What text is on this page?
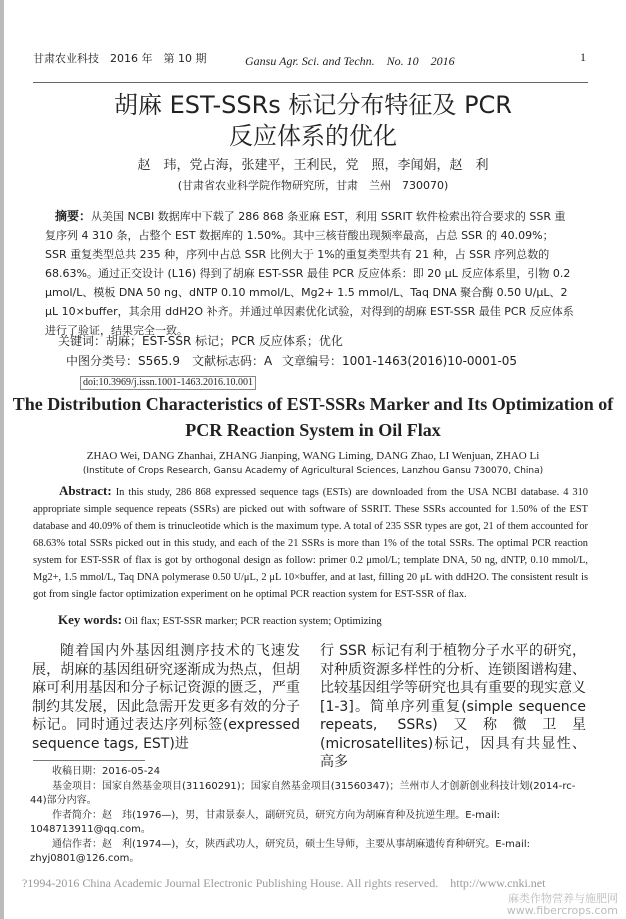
甘肃农业科技　2016 年　第 10 期	Gansu Agr. Sci. and Techn.　No. 10　2016	1
胡麻 EST-SSRs 标记分布特征及 PCR
反应体系的优化
赵　玮，党占海，张建平，王利民，党　照，李闻娟，赵　利
(甘肃省农业科学院作物研究所，甘肃　兰州　730070)
摘要：从美国 NCBI 数据库中下载了 286 868 条亚麻 EST，利用 SSRIT 软件检索出符合要求的 SSR 重复序列 4 310 条，占整个 EST 数据库的 1.50%。其中三核苷酸出现频率最高，占总 SSR 的 40.09%；SSR 重复类型总共 235 种，序列中占总 SSR 比例大于 1%的重复类型共有 21 种，占 SSR 序列总数的 68.63%。通过正交设计 (L16) 得到了胡麻 EST-SSR 最佳 PCR 反应体系：即 20 μL 反应体系里，引物 0.2 μmol/L、模板 DNA 50 ng、dNTP 0.10 mmol/L、Mg2+ 1.5 mmol/L、Taq DNA 聚合酶 0.50 U/μL、2 μL 10×buffer，其余用 ddH2O 补齐。并通过单因素优化试验，对得到的胡麻 EST-SSR 最佳 PCR 反应体系进行了验证，结果完全一致。
关键词：胡麻；EST-SSR 标记；PCR 反应体系；优化
中图分类号：S565.9 文献标志码：A 文章编号：1001-1463(2016)10-0001-05
doi:10.3969/j.issn.1001-1463.2016.10.001
The Distribution Characteristics of EST-SSRs Marker and Its Optimization of
PCR Reaction System in Oil Flax
ZHAO Wei, DANG Zhanhai, ZHANG Jianping, WANG Liming, DANG Zhao, LI Wenjuan, ZHAO Li
(Institute of Crops Research, Gansu Academy of Agricultural Sciences, Lanzhou Gansu 730070, China)
Abstract: In this study, 286 868 expressed sequence tags (ESTs) are downloaded from the USA NCBI database. 4 310 appropriate simple sequence repeats (SSRs) are picked out with software of SSRIT. These SSRs accounted for 1.50% of the EST database and 40.09% of them is trinucleotide which is the maximum type. A total of 235 SSR types are got, 21 of them accounted for 68.63% total SSRs picked out in this study, and each of the 21 SSRs is more than 1% of the total SSRs. The optimal PCR reaction system for EST-SSR of flax is got by orthogonal design as follow: primer 0.2 μmol/L; template DNA, 50 ng, dNTP, 0.10 mmol/L, Mg2+, 1.5 mmol/L, Taq DNA polymerase 0.50 U/μL, 2 μL 10×buffer, and at last, filling 20 μL with ddH2O. The consistent result is got from single factor optimization experiment on he optimal PCR reaction system for EST-SSR of flax.
Key words: Oil flax; EST-SSR marker; PCR reaction system; Optimizing
随着国内外基因组测序技术的飞速发展，胡麻的基因组研究逐渐成为热点，但胡麻可利用基因和分子标记资源的匮乏，严重制约其发展，因此急需开发更多有效的分子标记。同时通过表达序列标签(expressed sequence tags, EST)进
行 SSR 标记有利于植物分子水平的研究，对种质资源多样性的分析、连锁图谱构建、比较基因组学等研究也具有重要的现实意义[1-3]。简单序列重复(simple sequence repeats, SSRs)又称微卫星(microsatellites)标记，因具有共显性、高多

收稿日期：2016-05-24

基金项目：国家自然基金项目(31160291)；国家自然基金项目(31560347)；兰州市人才创新创业科技计划(2014-rc-44)部分内容。

作者简介：赵　玮(1976—)，男，甘肃景泰人，副研究员，研究方向为胡麻育种及抗逆生理。E-mail: 1048713911@qq.com。

通信作者：赵　利(1974—)，女，陕西武功人，研究员，硕士生导师，主要从事胡麻遗传育种研究。E-mail: zhyj0801@126.com。

?1994-2016 China Academic Journal Electronic Publishing House. All rights reserved.　http://www.cnki.net
麻类作物营养与施肥网
www.fibercrops.com
